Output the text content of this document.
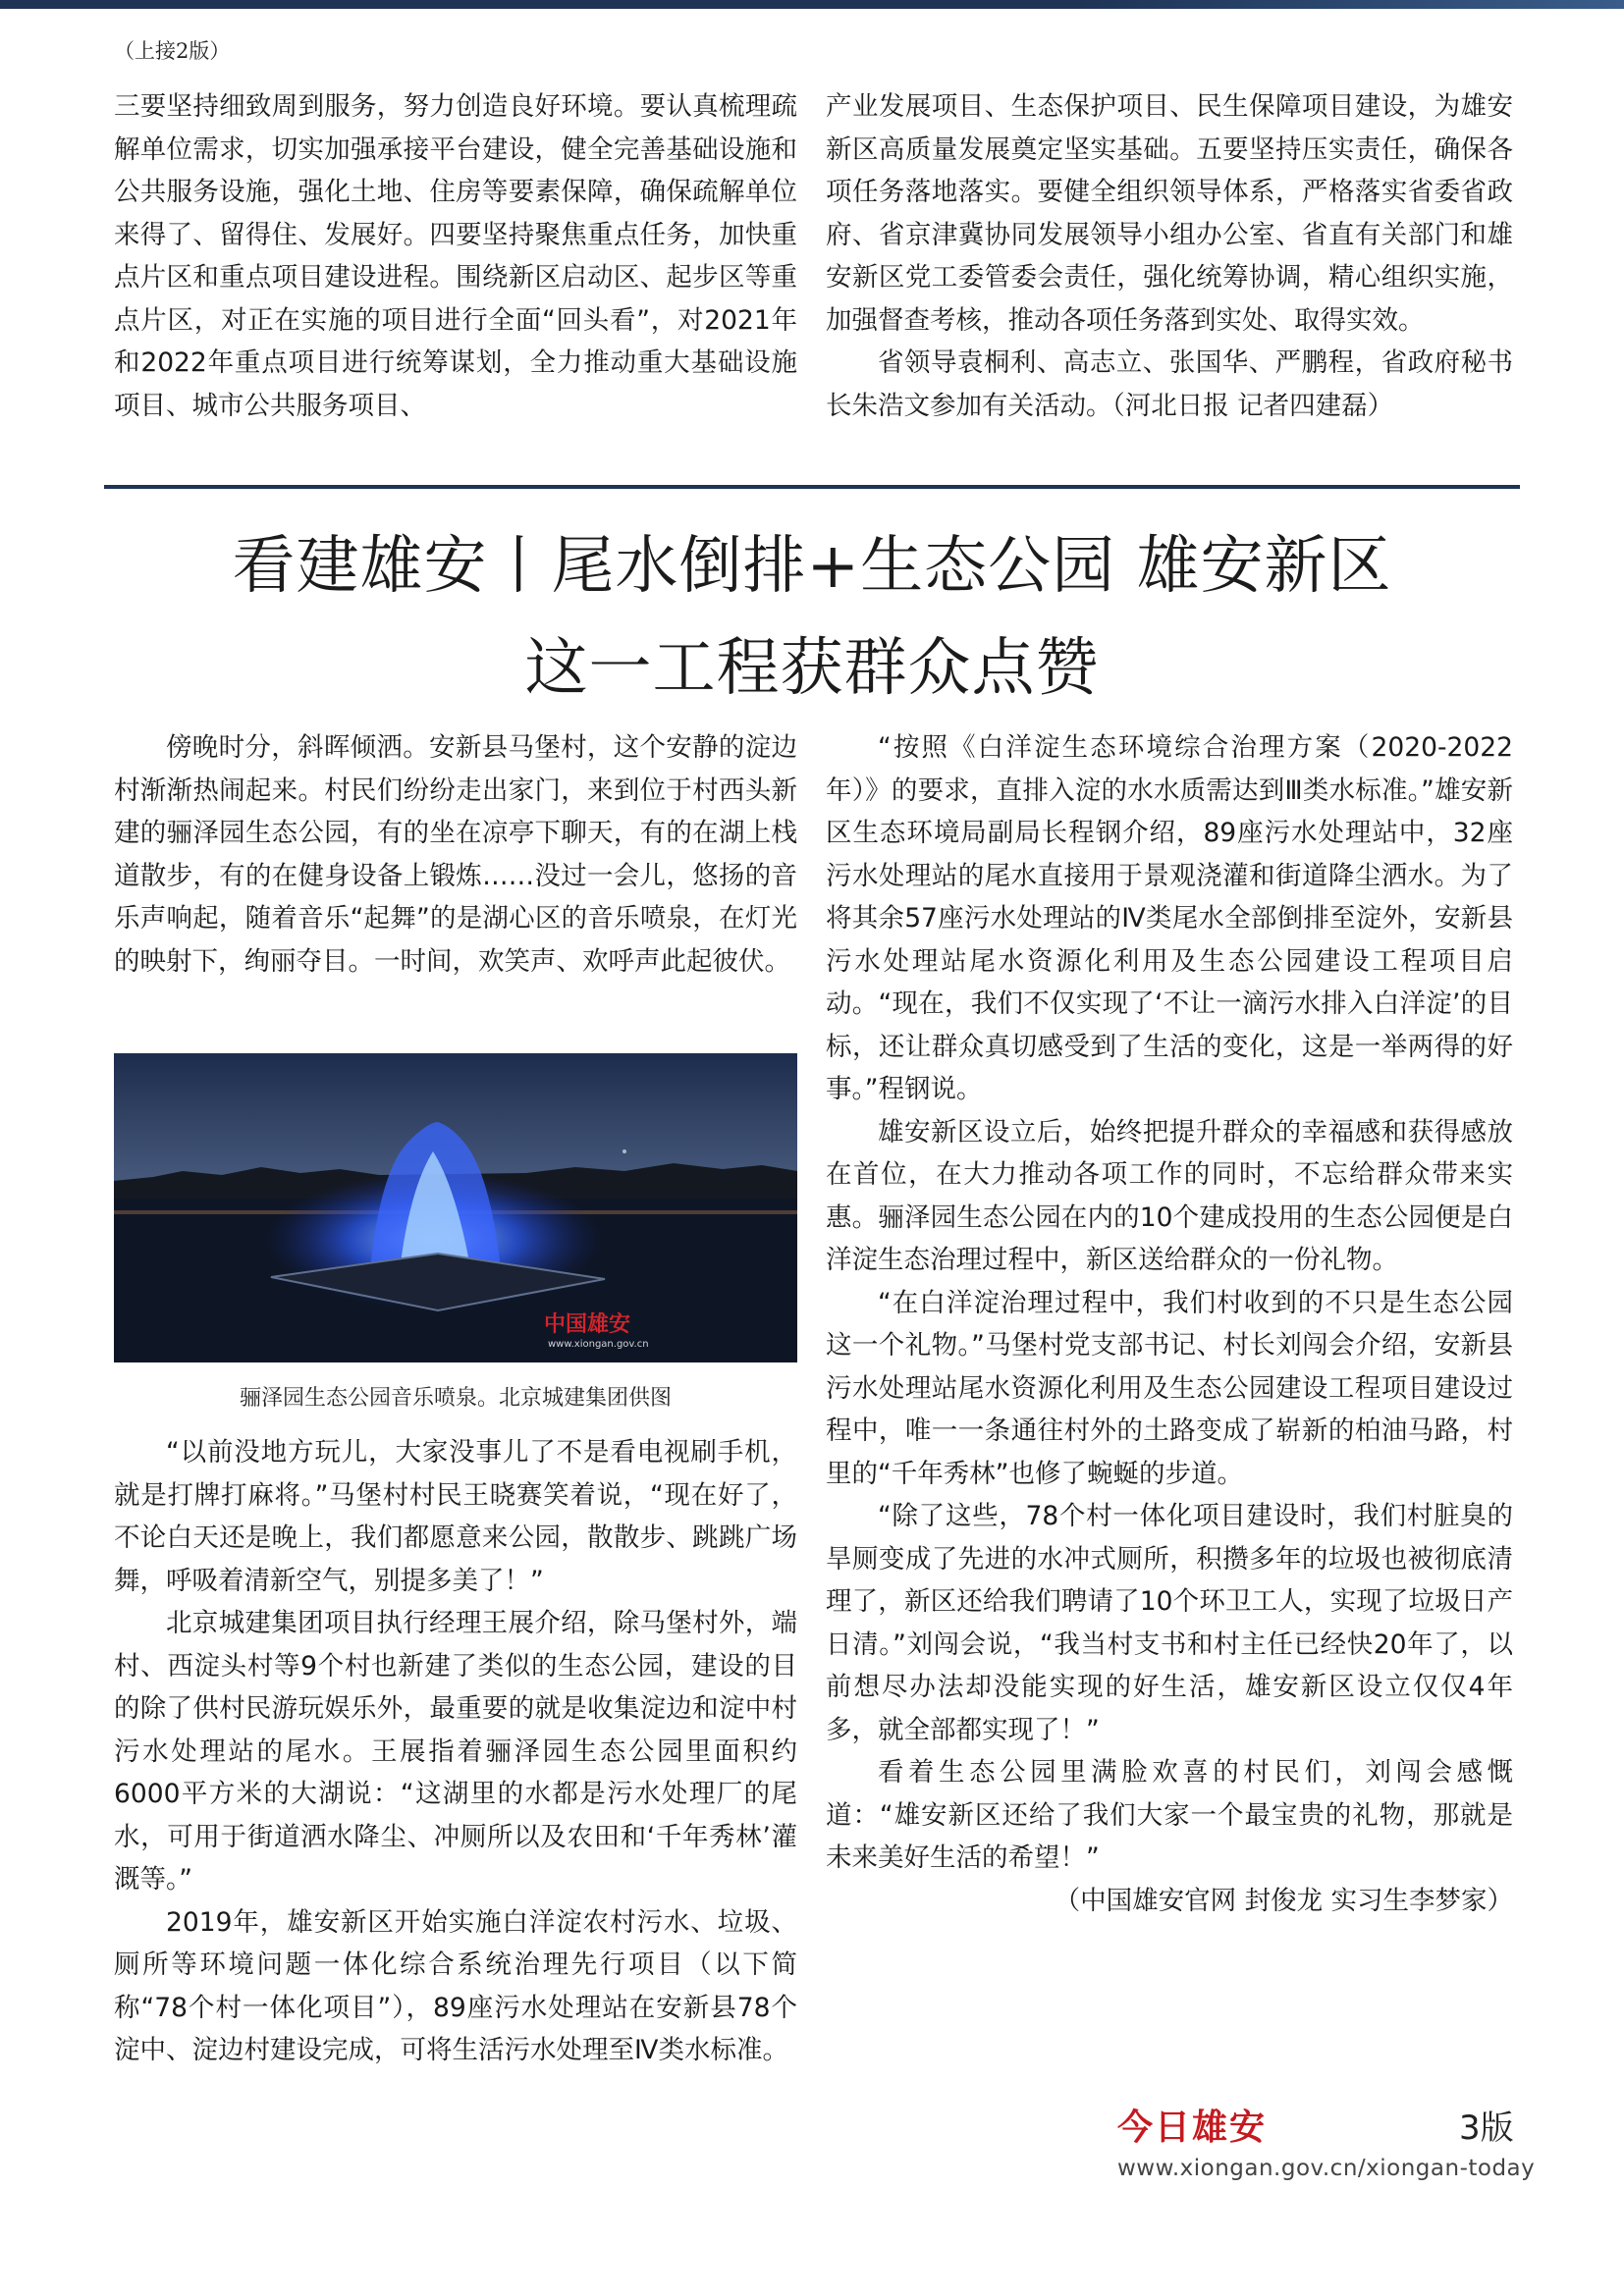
（上接2版）

三要坚持细致周到服务，努力创造良好环境。要认真梳理疏解单位需求，切实加强承接平台建设，健全完善基础设施和公共服务设施，强化土地、住房等要素保障，确保疏解单位来得了、留得住、发展好。四要坚持聚焦重点任务，加快重点片区和重点项目建设进程。围绕新区启动区、起步区等重点片区，对正在实施的项目进行全面“回头看”，对2021年和2022年重点项目进行统筹谋划，全力推动重大基础设施项目、城市公共服务项目、

产业发展项目、生态保护项目、民生保障项目建设，为雄安新区高质量发展奠定坚实基础。五要坚持压实责任，确保各项任务落地落实。要健全组织领导体系，严格落实省委省政府、省京津冀协同发展领导小组办公室、省直有关部门和雄安新区党工委管委会责任，强化统筹协调，精心组织实施，加强督查考核，推动各项任务落到实处、取得实效。

省领导袁桐利、高志立、张国华、严鹏程，省政府秘书长朱浩文参加有关活动。（河北日报 记者四建磊）

看建雄安丨尾水倒排+生态公园 雄安新区
这一工程获群众点赞

傍晚时分，斜晖倾洒。安新县马堡村，这个安静的淀边村渐渐热闹起来。村民们纷纷走出家门，来到位于村西头新建的骊泽园生态公园，有的坐在凉亭下聊天，有的在湖上栈道散步，有的在健身设备上锻炼……没过一会儿，悠扬的音乐声响起，随着音乐“起舞”的是湖心区的音乐喷泉，在灯光的映射下，绚丽夺目。一时间，欢笑声、欢呼声此起彼伏。

中国雄安
www.xiongan.gov.cn
骊泽园生态公园音乐喷泉。北京城建集团供图

“以前没地方玩儿，大家没事儿了不是看电视刷手机，就是打牌打麻将。”马堡村村民王晓赛笑着说，“现在好了，不论白天还是晚上，我们都愿意来公园，散散步、跳跳广场舞，呼吸着清新空气，别提多美了！”

北京城建集团项目执行经理王展介绍，除马堡村外，端村、西淀头村等9个村也新建了类似的生态公园，建设的目的除了供村民游玩娱乐外，最重要的就是收集淀边和淀中村污水处理站的尾水。王展指着骊泽园生态公园里面积约6000平方米的大湖说：“这湖里的水都是污水处理厂的尾水，可用于街道洒水降尘、冲厕所以及农田和‘千年秀林’灌溉等。”

2019年，雄安新区开始实施白洋淀农村污水、垃圾、厕所等环境问题一体化综合系统治理先行项目（以下简称“78个村一体化项目”），89座污水处理站在安新县78个淀中、淀边村建设完成，可将生活污水处理至Ⅳ类水标准。

“按照《白洋淀生态环境综合治理方案（2020-2022年）》的要求，直排入淀的水水质需达到Ⅲ类水标准。”雄安新区生态环境局副局长程钢介绍，89座污水处理站中，32座污水处理站的尾水直接用于景观浇灌和街道降尘洒水。为了将其余57座污水处理站的Ⅳ类尾水全部倒排至淀外，安新县污水处理站尾水资源化利用及生态公园建设工程项目启动。“现在，我们不仅实现了‘不让一滴污水排入白洋淀’的目标，还让群众真切感受到了生活的变化，这是一举两得的好事。”程钢说。

雄安新区设立后，始终把提升群众的幸福感和获得感放在首位，在大力推动各项工作的同时，不忘给群众带来实惠。骊泽园生态公园在内的10个建成投用的生态公园便是白洋淀生态治理过程中，新区送给群众的一份礼物。

“在白洋淀治理过程中，我们村收到的不只是生态公园这一个礼物。”马堡村党支部书记、村长刘闯会介绍，安新县污水处理站尾水资源化利用及生态公园建设工程项目建设过程中，唯一一条通往村外的土路变成了崭新的柏油马路，村里的“千年秀林”也修了蜿蜒的步道。

“除了这些，78个村一体化项目建设时，我们村脏臭的旱厕变成了先进的水冲式厕所，积攒多年的垃圾也被彻底清理了，新区还给我们聘请了10个环卫工人，实现了垃圾日产日清。”刘闯会说，“我当村支书和村主任已经快20年了，以前想尽办法却没能实现的好生活，雄安新区设立仅仅4年多，就全部都实现了！”

看着生态公园里满脸欢喜的村民们，刘闯会感慨道：“雄安新区还给了我们大家一个最宝贵的礼物，那就是未来美好生活的希望！”

（中国雄安官网 封俊龙 实习生李梦家）

今日雄安	3版
www.xiongan.gov.cn/xiongan-today
